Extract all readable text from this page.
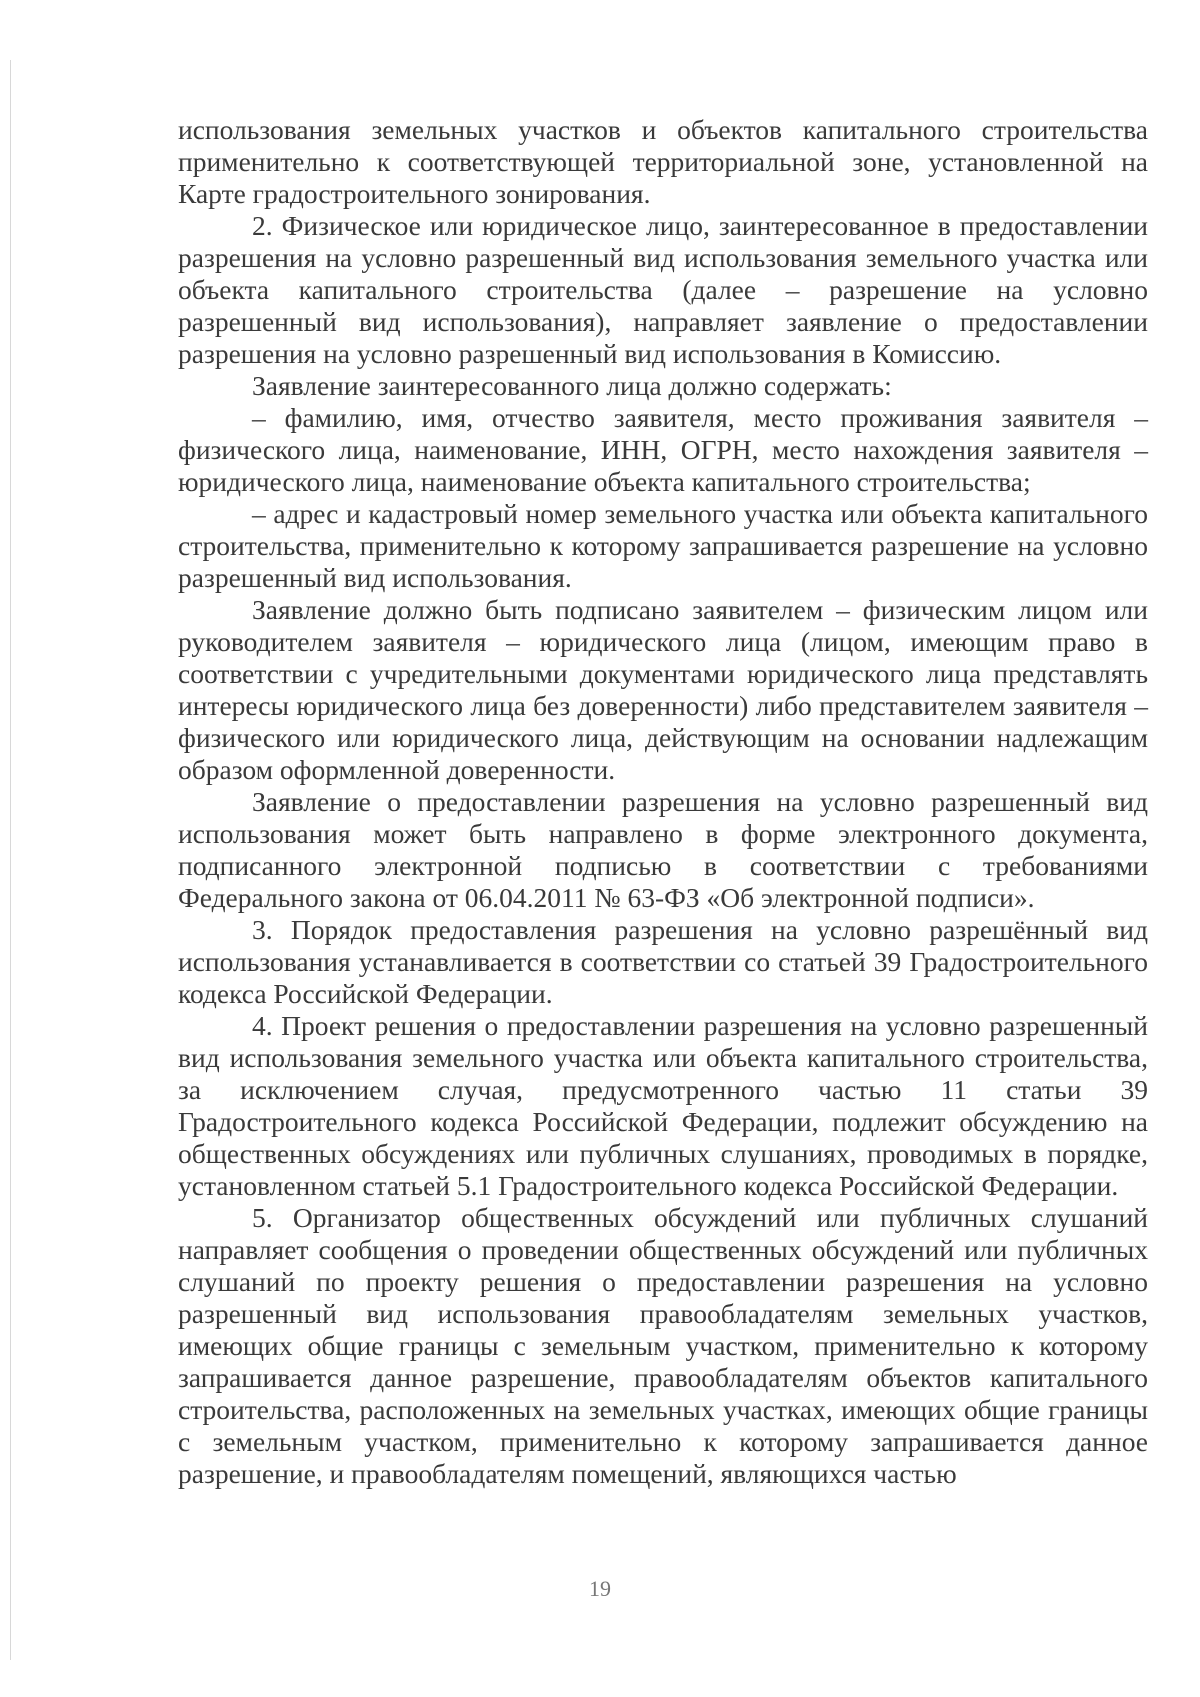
использования земельных участков и объектов капитального строительства применительно к соответствующей территориальной зоне, установленной на Карте градостроительного зонирования.

2. Физическое или юридическое лицо, заинтересованное в предоставлении разрешения на условно разрешенный вид использования земельного участка или объекта капитального строительства (далее – разрешение на условно разрешенный вид использования), направляет заявление о предоставлении разрешения на условно разрешенный вид использования в Комиссию.

Заявление заинтересованного лица должно содержать:

– фамилию, имя, отчество заявителя, место проживания заявителя – физического лица, наименование, ИНН, ОГРН, место нахождения заявителя – юридического лица, наименование объекта капитального строительства;

– адрес и кадастровый номер земельного участка или объекта капитального строительства, применительно к которому запрашивается разрешение на условно разрешенный вид использования.

Заявление должно быть подписано заявителем – физическим лицом или руководителем заявителя – юридического лица (лицом, имеющим право в соответствии с учредительными документами юридического лица представлять интересы юридического лица без доверенности) либо представителем заявителя – физического или юридического лица, действующим на основании надлежащим образом оформленной доверенности.

Заявление о предоставлении разрешения на условно разрешенный вид использования может быть направлено в форме электронного документа, подписанного электронной подписью в соответствии с требованиями Федерального закона от 06.04.2011 № 63-ФЗ «Об электронной подписи».

3. Порядок предоставления разрешения на условно разрешённый вид использования устанавливается в соответствии со статьей 39 Градостроительного кодекса Российской Федерации.

4. Проект решения о предоставлении разрешения на условно разрешенный вид использования земельного участка или объекта капитального строительства, за исключением случая, предусмотренного частью 11 статьи 39 Градостроительного кодекса Российской Федерации, подлежит обсуждению на общественных обсуждениях или публичных слушаниях, проводимых в порядке, установленном статьей 5.1 Градостроительного кодекса Российской Федерации.

5. Организатор общественных обсуждений или публичных слушаний направляет сообщения о проведении общественных обсуждений или публичных слушаний по проекту решения о предоставлении разрешения на условно разрешенный вид использования правообладателям земельных участков, имеющих общие границы с земельным участком, применительно к которому запрашивается данное разрешение, правообладателям объектов капитального строительства, расположенных на земельных участках, имеющих общие границы с земельным участком, применительно к которому запрашивается данное разрешение, и правообладателям помещений, являющихся частью

19
